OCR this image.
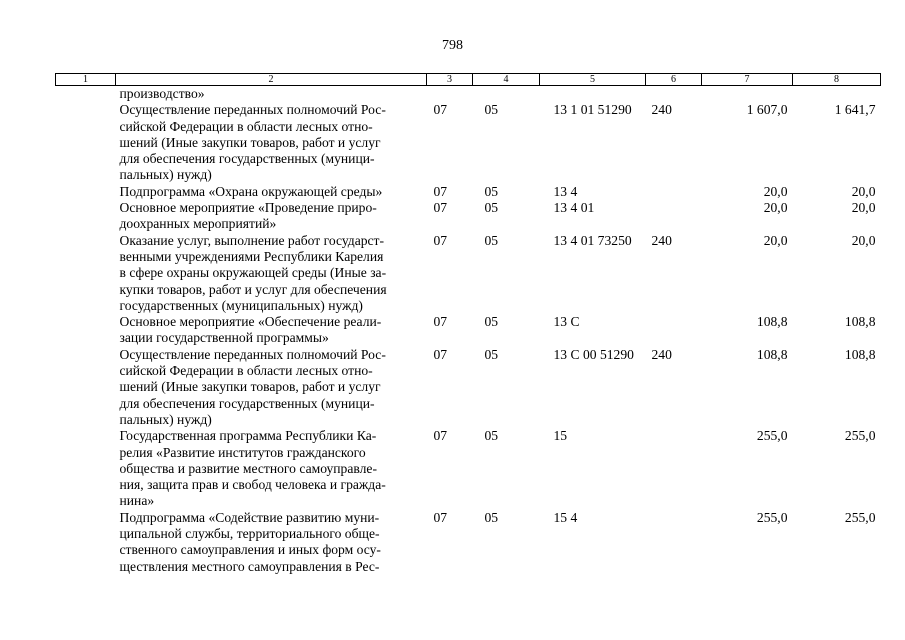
798
1	2	3	4	5	6	7	8

	производство»						

	Осуществление переданных полномочий Рос-
сийской Федерации в области лесных отно-
шений (Иные закупки товаров, работ и услуг
для обеспечения государственных (муници-
пальных) нужд)	07	05	13 1 01 51290	240	1 607,0	1 641,7

	Подпрограмма «Охрана окружающей среды»	07	05	13 4		20,0	20,0

	Основное мероприятие «Проведение приро-
доохранных мероприятий»	07	05	13 4 01		20,0	20,0

	Оказание услуг, выполнение работ государст-
венными учреждениями Республики Карелия
в сфере охраны окружающей среды (Иные за-
купки товаров, работ и услуг для обеспечения
государственных (муниципальных) нужд)	07	05	13 4 01 73250	240	20,0	20,0

	Основное мероприятие «Обеспечение реали-
зации государственной программы»	07	05	13 С		108,8	108,8

	Осуществление переданных полномочий Рос-
сийской Федерации в области лесных отно-
шений (Иные закупки товаров, работ и услуг
для обеспечения государственных (муници-
пальных) нужд)	07	05	13 С 00 51290	240	108,8	108,8

	Государственная программа Республики Ка-
релия «Развитие институтов гражданского
общества и развитие местного самоуправле-
ния, защита прав и свобод человека и гражда-
нина»	07	05	15		255,0	255,0

	Подпрограмма «Содействие развитию муни-
ципальной службы, территориального обще-
ственного самоуправления и иных форм осу-
ществления местного самоуправления в Рес-	07	05	15 4		255,0	255,0
